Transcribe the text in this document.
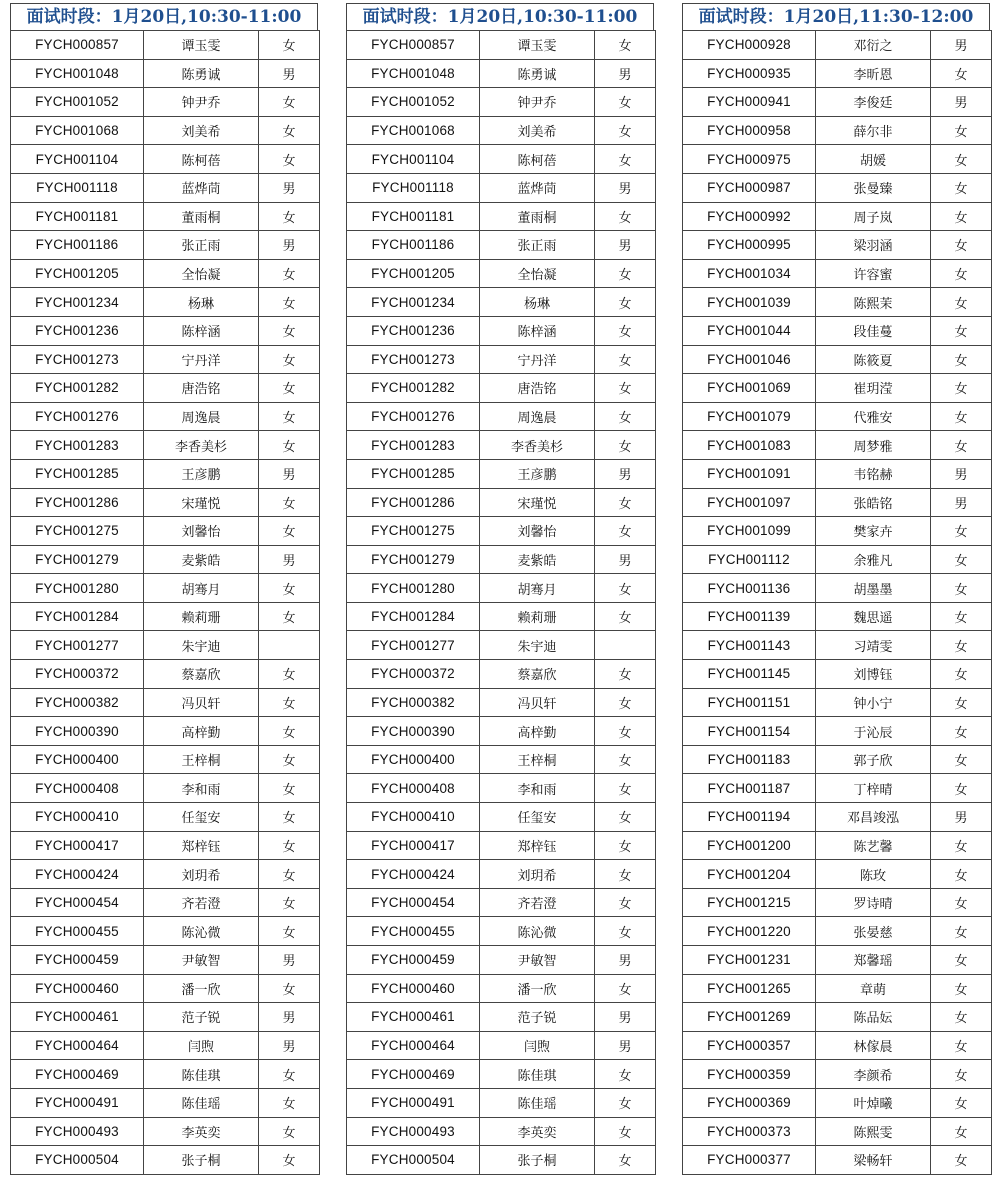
面试时段：1月20日,10:30-11:00
FYCH000857	谭玉雯	女
FYCH001048	陈勇诚	男
FYCH001052	钟尹乔	女
FYCH001068	刘美希	女
FYCH001104	陈柯蓓	女
FYCH001118	蓝烨茼	男
FYCH001181	董雨桐	女
FYCH001186	张正雨	男
FYCH001205	全怡凝	女
FYCH001234	杨琳	女
FYCH001236	陈梓涵	女
FYCH001273	宁丹洋	女
FYCH001282	唐浩铭	女
FYCH001276	周逸晨	女
FYCH001283	李香美杉	女
FYCH001285	王彦鹏	男
FYCH001286	宋瑾悦	女
FYCH001275	刘馨怡	女
FYCH001279	麦紫皓	男
FYCH001280	胡骞月	女
FYCH001284	赖莉珊	女
FYCH001277	朱宇迪	
FYCH000372	蔡嘉欣	女
FYCH000382	冯贝轩	女
FYCH000390	高梓勤	女
FYCH000400	王梓桐	女
FYCH000408	李和雨	女
FYCH000410	任玺安	女
FYCH000417	郑梓钰	女
FYCH000424	刘玥希	女
FYCH000454	齐若澄	女
FYCH000455	陈沁微	女
FYCH000459	尹敏智	男
FYCH000460	潘一欣	女
FYCH000461	范子锐	男
FYCH000464	闫煦	男
FYCH000469	陈佳琪	女
FYCH000491	陈佳瑶	女
FYCH000493	李英奕	女
FYCH000504	张子桐	女
面试时段：1月20日,10:30-11:00
FYCH000857	谭玉雯	女
FYCH001048	陈勇诚	男
FYCH001052	钟尹乔	女
FYCH001068	刘美希	女
FYCH001104	陈柯蓓	女
FYCH001118	蓝烨茼	男
FYCH001181	董雨桐	女
FYCH001186	张正雨	男
FYCH001205	全怡凝	女
FYCH001234	杨琳	女
FYCH001236	陈梓涵	女
FYCH001273	宁丹洋	女
FYCH001282	唐浩铭	女
FYCH001276	周逸晨	女
FYCH001283	李香美杉	女
FYCH001285	王彦鹏	男
FYCH001286	宋瑾悦	女
FYCH001275	刘馨怡	女
FYCH001279	麦紫皓	男
FYCH001280	胡骞月	女
FYCH001284	赖莉珊	女
FYCH001277	朱宇迪	
FYCH000372	蔡嘉欣	女
FYCH000382	冯贝轩	女
FYCH000390	高梓勤	女
FYCH000400	王梓桐	女
FYCH000408	李和雨	女
FYCH000410	任玺安	女
FYCH000417	郑梓钰	女
FYCH000424	刘玥希	女
FYCH000454	齐若澄	女
FYCH000455	陈沁微	女
FYCH000459	尹敏智	男
FYCH000460	潘一欣	女
FYCH000461	范子锐	男
FYCH000464	闫煦	男
FYCH000469	陈佳琪	女
FYCH000491	陈佳瑶	女
FYCH000493	李英奕	女
FYCH000504	张子桐	女
面试时段：1月20日,11:30-12:00
FYCH000928	邓衍之	男
FYCH000935	李昕恩	女
FYCH000941	李俊廷	男
FYCH000958	薛尔非	女
FYCH000975	胡媛	女
FYCH000987	张曼臻	女
FYCH000992	周子岚	女
FYCH000995	梁羽涵	女
FYCH001034	许容蜜	女
FYCH001039	陈熙茉	女
FYCH001044	段佳蔓	女
FYCH001046	陈筱夏	女
FYCH001069	崔玥滢	女
FYCH001079	代雅安	女
FYCH001083	周梦雅	女
FYCH001091	韦铭赫	男
FYCH001097	张皓铭	男
FYCH001099	樊家卉	女
FYCH001112	余雅凡	女
FYCH001136	胡墨墨	女
FYCH001139	魏思遥	女
FYCH001143	习靖雯	女
FYCH001145	刘博钰	女
FYCH001151	钟小宁	女
FYCH001154	于沁辰	女
FYCH001183	郭子欣	女
FYCH001187	丁梓晴	女
FYCH001194	邓昌竣泓	男
FYCH001200	陈艺馨	女
FYCH001204	陈玫	女
FYCH001215	罗诗晴	女
FYCH001220	张晏慈	女
FYCH001231	郑馨瑶	女
FYCH001265	章萌	女
FYCH001269	陈品妘	女
FYCH000357	林傢晨	女
FYCH000359	李颜希	女
FYCH000369	叶焯曦	女
FYCH000373	陈熙雯	女
FYCH000377	梁畅轩	女
